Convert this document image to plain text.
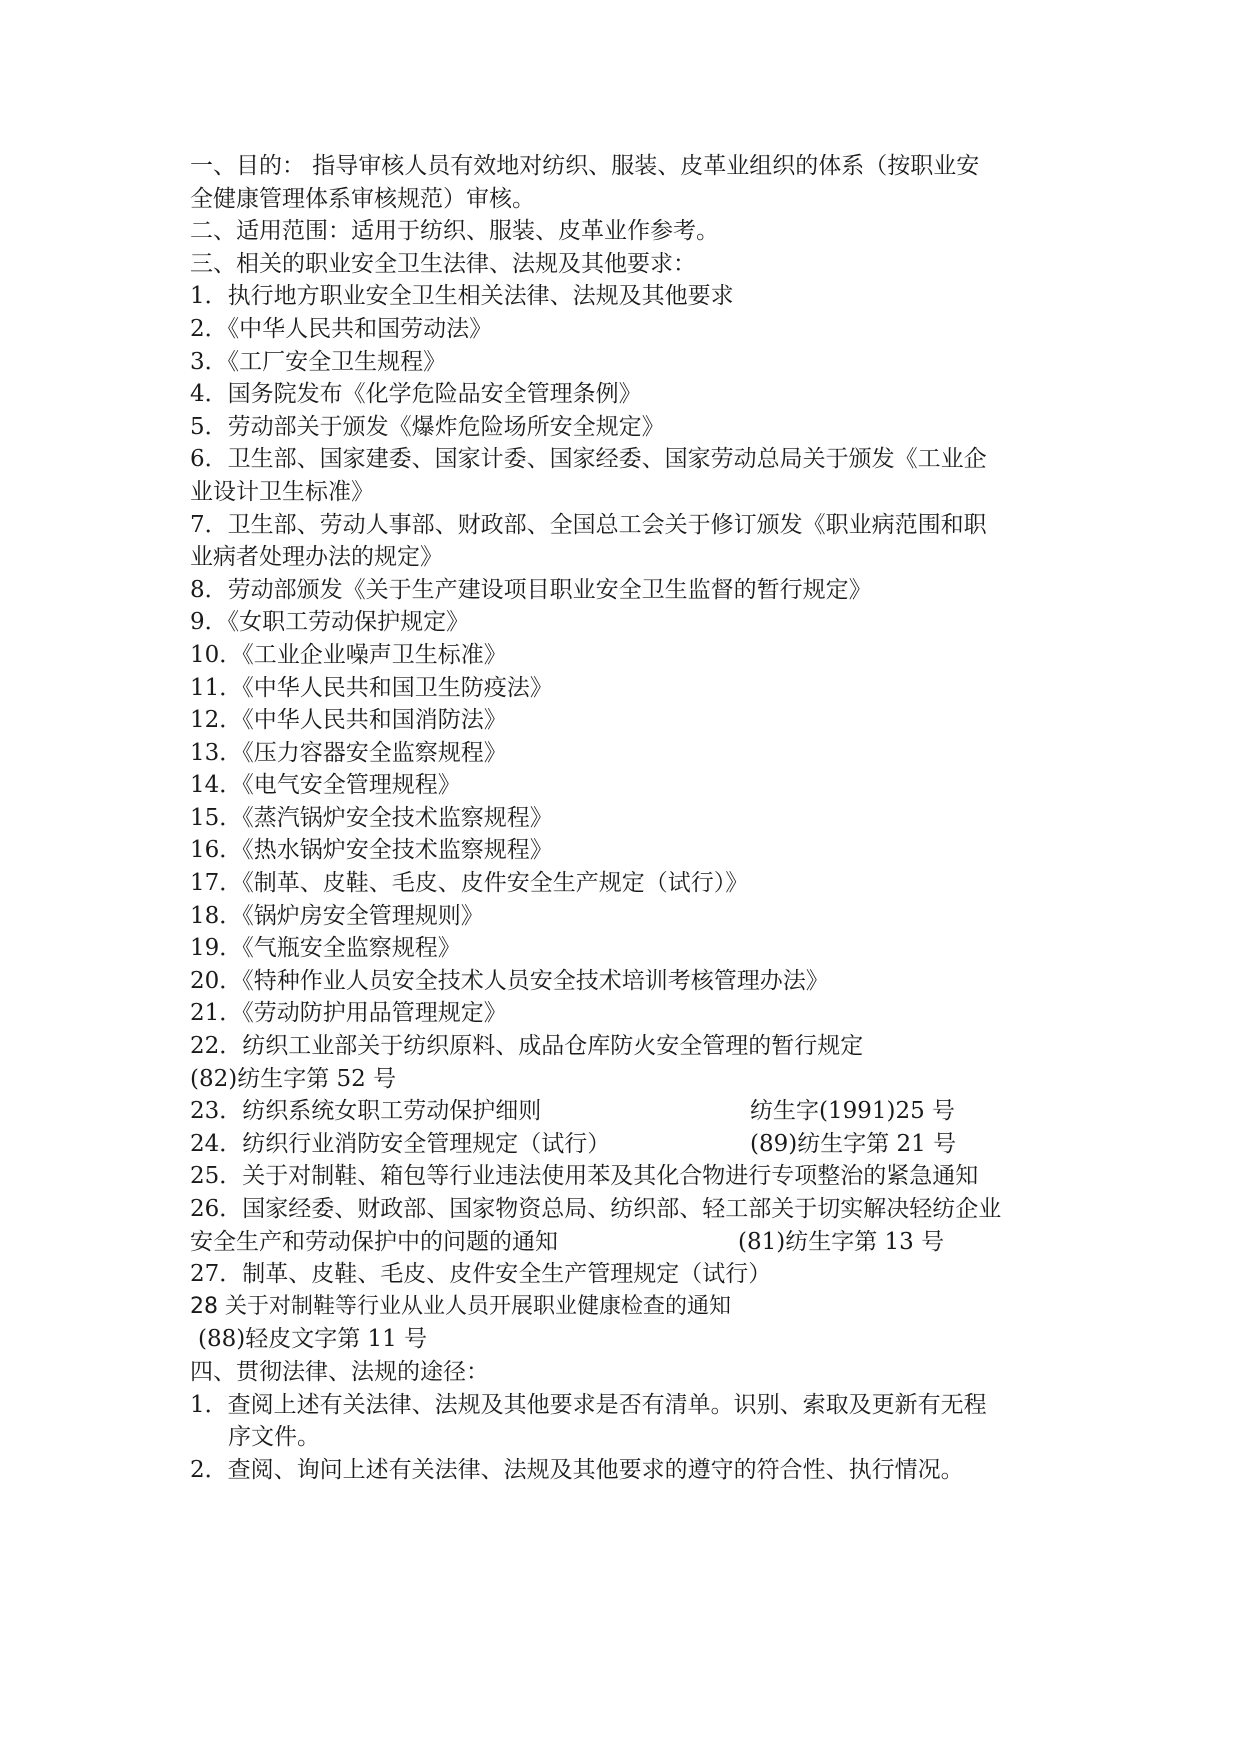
一、目的： 指导审核人员有效地对纺织、服装、皮革业组织的体系（按职业安
全健康管理体系审核规范）审核。
二、适用范围：适用于纺织、服装、皮革业作参考。
三、相关的职业安全卫生法律、法规及其他要求：
1．执行地方职业安全卫生相关法律、法规及其他要求
2．《中华人民共和国劳动法》
3．《工厂安全卫生规程》
4．国务院发布《化学危险品安全管理条例》
5．劳动部关于颁发《爆炸危险场所安全规定》
6．卫生部、国家建委、国家计委、国家经委、国家劳动总局关于颁发《工业企
业设计卫生标准》
7．卫生部、劳动人事部、财政部、全国总工会关于修订颁发《职业病范围和职
业病者处理办法的规定》
8．劳动部颁发《关于生产建设项目职业安全卫生监督的暂行规定》
9．《女职工劳动保护规定》
10．《工业企业噪声卫生标准》
11．《中华人民共和国卫生防疫法》
12．《中华人民共和国消防法》
13．《压力容器安全监察规程》
14．《电气安全管理规程》
15．《蒸汽锅炉安全技术监察规程》
16．《热水锅炉安全技术监察规程》
17．《制革、皮鞋、毛皮、皮件安全生产规定（试行）》
18．《锅炉房安全管理规则》
19．《气瓶安全监察规程》
20．《特种作业人员安全技术人员安全技术培训考核管理办法》
21．《劳动防护用品管理规定》
22．纺织工业部关于纺织原料、成品仓库防火安全管理的暂行规定
(82)纺生字第 52 号
23．纺织系统女职工劳动保护细则	纺生字(1991)25 号
24．纺织行业消防安全管理规定（试行）	(89)纺生字第 21 号
25．关于对制鞋、箱包等行业违法使用苯及其化合物进行专项整治的紧急通知
26．国家经委、财政部、国家物资总局、纺织部、轻工部关于切实解决轻纺企业
安全生产和劳动保护中的问题的通知	(81)纺生字第 13 号
27．制革、皮鞋、毛皮、皮件安全生产管理规定（试行）
28 关于对制鞋等行业从业人员开展职业健康检查的通知
(88)轻皮文字第 11 号
四、贯彻法律、法规的途径：
1．查阅上述有关法律、法规及其他要求是否有清单。识别、索取及更新有无程
序文件。
2．查阅、询问上述有关法律、法规及其他要求的遵守的符合性、执行情况。
